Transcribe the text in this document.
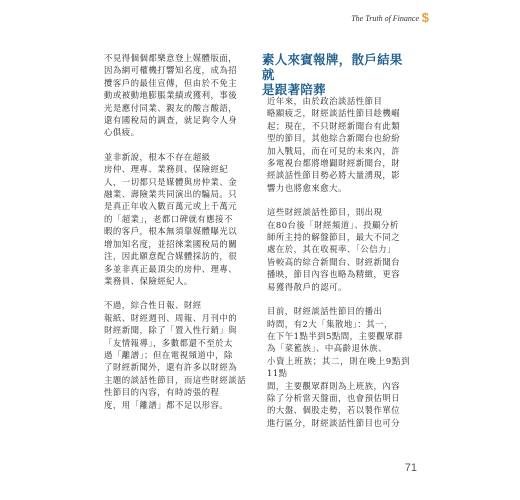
The Truth of Finance $

不見得個個都樂意登上媒體版面，
因為網可權機打響知名度，成為招
攬客戶的最佳宣傳，但由於不免主
動或被動地膨脹業績或獲利，事後
光是應付同業、親友的酸言酸語，
還有國稅局的調查，就足夠令人身
心俱疲。

並非新說，根本不存在超級
房仲、理專、業務員、保險經紀
人，一切都只是媒體與房仲業、金
融業、壽險業共同演出的騙局。只
是真正年收入數百萬元或上千萬元
的「超業」，老都口碑就有應接不
暇的客戶，根本無須靠媒體曝光以
增加知名度，並招徠業國稅局的關
注，因此願意配合媒體採訪的，很
多並非真正最頂尖的房仲、理專、
業務員、保險經紀人。

不過，綜合性日報、財經
報紙、財經週刊、周報、月刊中的
財經新聞，除了「置入性行銷」與
「友情報導」，多數都還不至於太
過「離譜」；但在電視頻道中，除
了財經新聞外，還有許多以財經為
主題的談話性節目，而這些財經談話
性節目的內容，有時誇張的程
度，用「離譜」都不足以形容。

素人來賓報牌，散戶結果就
是跟著陪葬

近年來，由於政治談話性節目
略顯疲乏，財經談話性節目趁機崛
起；現在，不只財經新聞台有此類
型的節目，其他綜合新聞台也紛紛
加入戰局，而在可見的未來內，許
多電視台都將增闢財經新聞台，財
經談話性節目勢必將大量湧現，影
響力也將愈來愈大。

這些財經談話性節目，則出現
在80台後「財經頻道」、投顧分析
師所主持的解盤節目，最大不同之
處在於，其在收視率、「公信力」
皆較高的綜合新聞台、財經新聞台
播映，節目內容也略為精緻，更容
易獲得散戶的認可。

目前，財經談話性節目的播出
時間，有2大「集散地」：其一，
在下午1點半到5點間，主要觀眾群
為「菜籃族」、中高齡退休族、
小資上班族；其二，則在晚上9點到11點
間，主要觀眾群則為上班族，內容
除了分析當天盤面，也會預估明日
的大盤、個股走勢，若以製作單位
進行區分，財經談話性節目也可分

71
